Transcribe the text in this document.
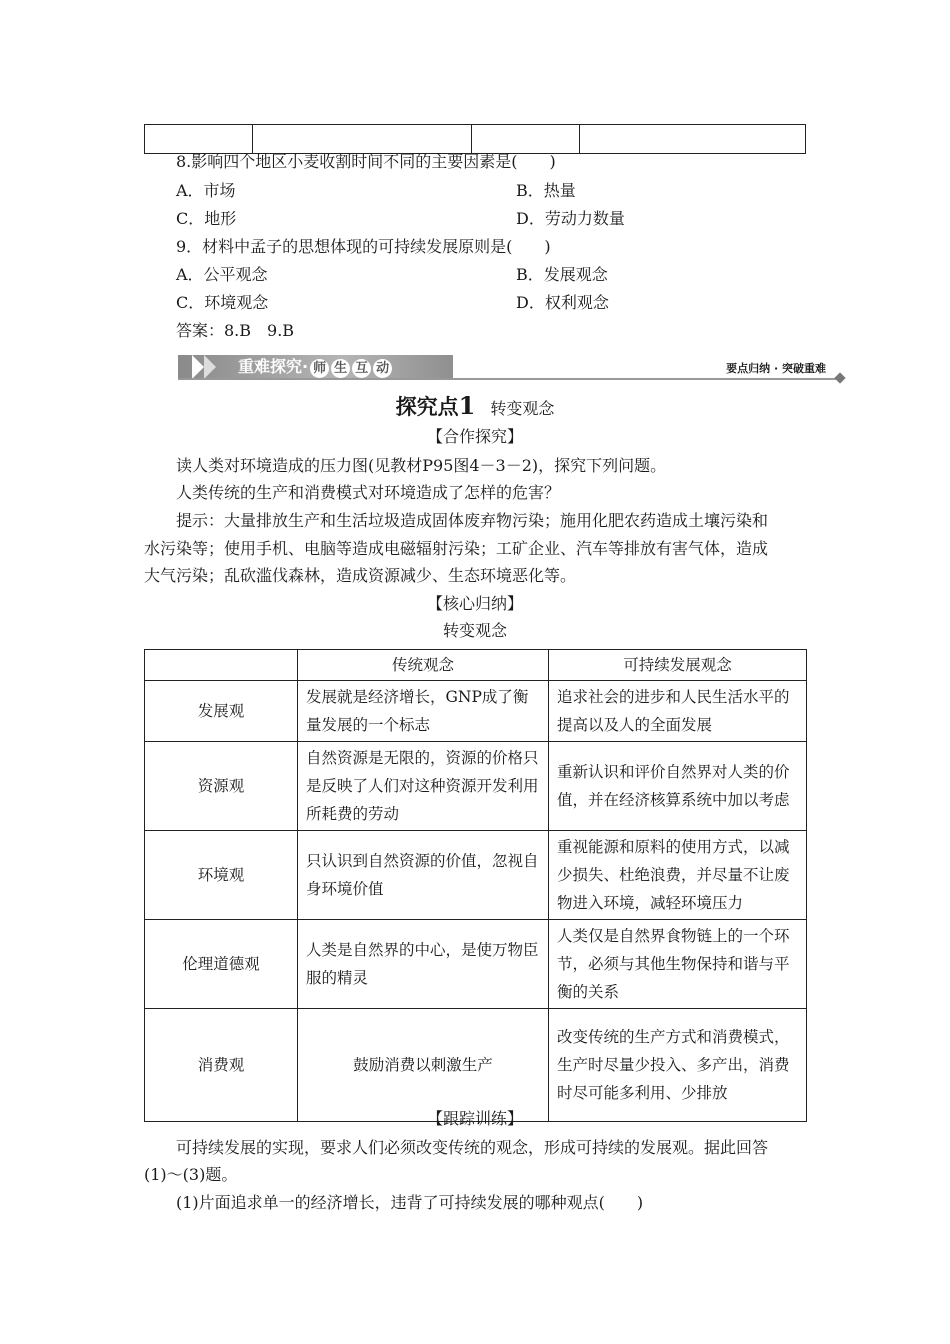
8.影响四个地区小麦收割时间不同的主要因素是(　　)
A．市场	B．热量
C．地形	D．劳动力数量
9．材料中孟子的思想体现的可持续发展原则是(　　)
A．公平观念	B．发展观念
C．环境观念	D．权利观念
答案：8.B　9.B
重难探究· 师 生 互 动	要点归纳 · 突破重难
探究点1 转变观念
【合作探究】
读人类对环境造成的压力图(见教材P95图4－3－2)，探究下列问题。
人类传统的生产和消费模式对环境造成了怎样的危害？
提示：大量排放生产和生活垃圾造成固体废弃物污染；施用化肥农药造成土壤污染和
水污染等；使用手机、电脑等造成电磁辐射污染；工矿企业、汽车等排放有害气体，造成
大气污染；乱砍滥伐森林，造成资源减少、生态环境恶化等。
【核心归纳】
转变观念
	传统观念	可持续发展观念
发展观	发展就是经济增长，GNP成了衡量发展的一个标志	追求社会的进步和人民生活水平的提高以及人的全面发展
资源观	自然资源是无限的，资源的价格只是反映了人们对这种资源开发利用所耗费的劳动	重新认识和评价自然界对人类的价值，并在经济核算系统中加以考虑
环境观	只认识到自然资源的价值，忽视自身环境价值	重视能源和原料的使用方式，以减少损失、杜绝浪费，并尽量不让废物进入环境，减轻环境压力
伦理道德观	人类是自然界的中心，是使万物臣服的精灵	人类仅是自然界食物链上的一个环节，必须与其他生物保持和谐与平衡的关系
消费观	鼓励消费以刺激生产	改变传统的生产方式和消费模式，生产时尽量少投入、多产出，消费时尽可能多利用、少排放
【跟踪训练】
可持续发展的实现，要求人们必须改变传统的观念，形成可持续的发展观。据此回答
(1)～(3)题。
(1)片面追求单一的经济增长，违背了可持续发展的哪种观点(　　)
